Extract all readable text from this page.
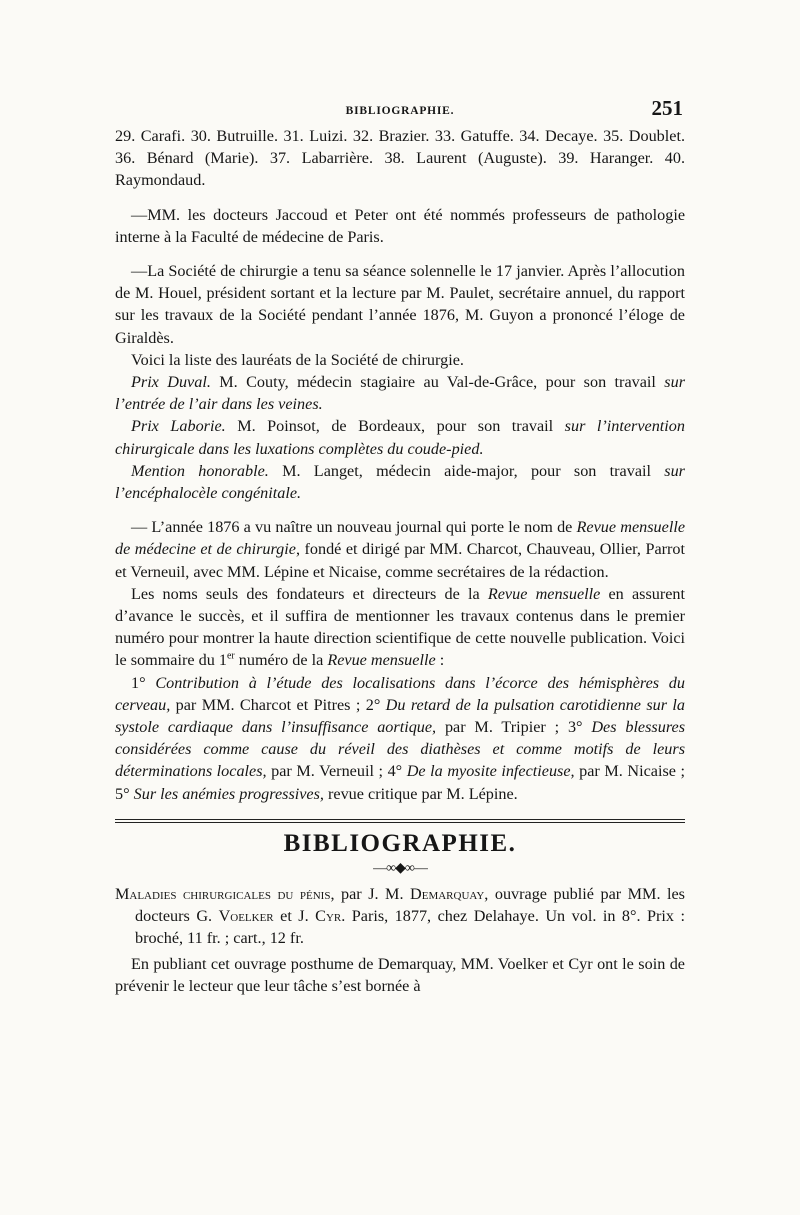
BIBLIOGRAPHIE.	251

29. Carafi. 30. Butruille. 31. Luizi. 32. Brazier. 33. Gatuffe. 34. Decaye. 35. Doublet. 36. Bénard (Marie). 37. Labarrière. 38. Laurent (Auguste). 39. Haranger. 40. Raymondaud.

—MM. les docteurs Jaccoud et Peter ont été nommés professeurs de pathologie interne à la Faculté de médecine de Paris.

—La Société de chirurgie a tenu sa séance solennelle le 17 janvier. Après l’allocution de M. Houel, président sortant et la lecture par M. Paulet, secrétaire annuel, du rapport sur les travaux de la Société pendant l’année 1876, M. Guyon a prononcé l’éloge de Giraldès.

Voici la liste des lauréats de la Société de chirurgie.

Prix Duval. M. Couty, médecin stagiaire au Val-de-Grâce, pour son travail sur l’entrée de l’air dans les veines.

Prix Laborie. M. Poinsot, de Bordeaux, pour son travail sur l’intervention chirurgicale dans les luxations complètes du coude-pied.

Mention honorable. M. Langet, médecin aide-major, pour son travail sur l’encéphalocèle congénitale.

— L’année 1876 a vu naître un nouveau journal qui porte le nom de Revue mensuelle de médecine et de chirurgie, fondé et dirigé par MM. Charcot, Chauveau, Ollier, Parrot et Verneuil, avec MM. Lépine et Nicaise, comme secrétaires de la rédaction.

Les noms seuls des fondateurs et directeurs de la Revue mensuelle en assurent d’avance le succès, et il suffira de mentionner les travaux contenus dans le premier numéro pour montrer la haute direction scientifique de cette nouvelle publication. Voici le sommaire du 1er numéro de la Revue mensuelle :

1° Contribution à l’étude des localisations dans l’écorce des hémisphères du cerveau, par MM. Charcot et Pitres ; 2° Du retard de la pulsation carotidienne sur la systole cardiaque dans l’insuffisance aortique, par M. Tripier ; 3° Des blessures considérées comme cause du réveil des diathèses et comme motifs de leurs déterminations locales, par M. Verneuil ; 4° De la myosite infectieuse, par M. Nicaise ; 5° Sur les anémies progressives, revue critique par M. Lépine.

BIBLIOGRAPHIE.
—∞◆∞—

Maladies chirurgicales du pénis, par J. M. Demarquay, ouvrage publié par MM. les docteurs G. Voelker et J. Cyr. Paris, 1877, chez Delahaye. Un vol. in 8°. Prix : broché, 11 fr. ; cart., 12 fr.

En publiant cet ouvrage posthume de Demarquay, MM. Voelker et Cyr ont le soin de prévenir le lecteur que leur tâche s’est bornée à
